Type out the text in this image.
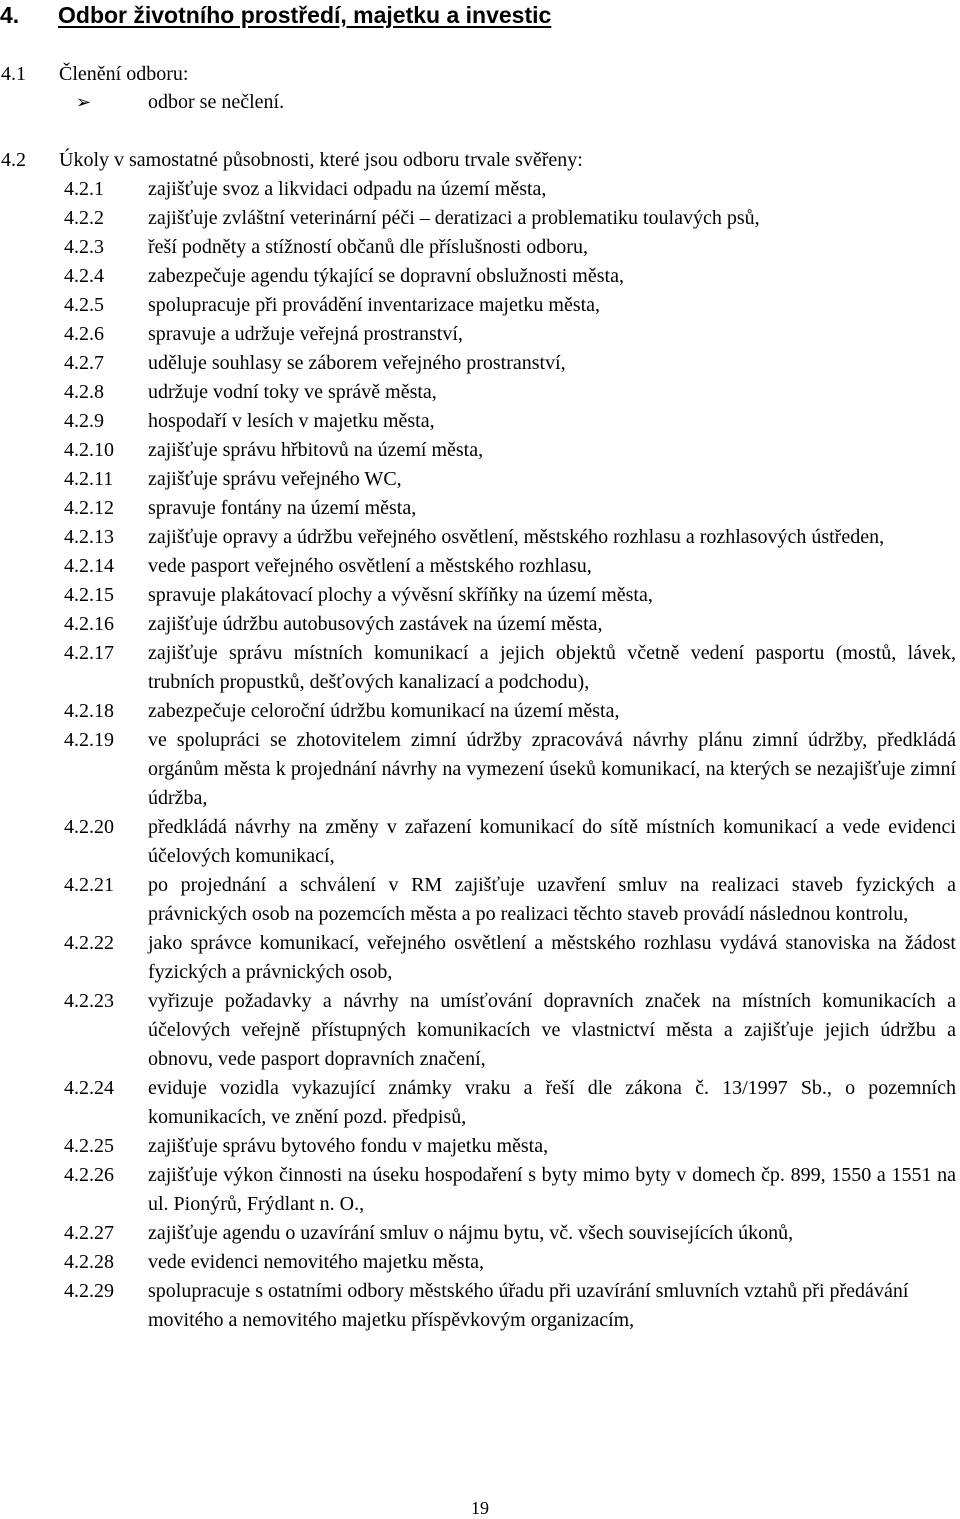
4. Odbor životního prostředí, majetku a investic
4.1 Členění odboru:
➢	odbor se nečlení.
4.2 Úkoly v samostatné působnosti, které jsou odboru trvale svěřeny:
4.2.1 zajišťuje svoz a likvidaci odpadu na území města,
4.2.2 zajišťuje zvláštní veterinární péči – deratizaci a problematiku toulavých psů,
4.2.3 řeší podněty a stížností občanů dle příslušnosti odboru,
4.2.4 zabezpečuje agendu týkající se dopravní obslužnosti města,
4.2.5 spolupracuje při provádění inventarizace majetku města,
4.2.6 spravuje a udržuje veřejná prostranství,
4.2.7 uděluje souhlasy se záborem veřejného prostranství,
4.2.8 udržuje vodní toky ve správě města,
4.2.9 hospodaří v lesích v majetku města,
4.2.10 zajišťuje správu hřbitovů na území města,
4.2.11 zajišťuje správu veřejného WC,
4.2.12 spravuje fontány na území města,
4.2.13 zajišťuje opravy a údržbu veřejného osvětlení, městského rozhlasu a rozhlasových ústředen,
4.2.14 vede pasport veřejného osvětlení a městského rozhlasu,
4.2.15 spravuje plakátovací plochy a vývěsní skříňky na území města,
4.2.16 zajišťuje údržbu autobusových zastávek na území města,
4.2.17 zajišťuje správu místních komunikací a jejich objektů včetně vedení pasportu (mostů, lávek, trubních propustků, dešťových kanalizací a podchodu),
4.2.18 zabezpečuje celoroční údržbu komunikací na území města,
4.2.19 ve spolupráci se zhotovitelem zimní údržby zpracovává návrhy plánu zimní údržby, předkládá orgánům města k projednání návrhy na vymezení úseků komunikací, na kterých se nezajišťuje zimní údržba,
4.2.20 předkládá návrhy na změny v zařazení komunikací do sítě místních komunikací a vede evidenci účelových komunikací,
4.2.21 po projednání a schválení v RM zajišťuje uzavření smluv na realizaci staveb fyzických a právnických osob na pozemcích města a po realizaci těchto staveb provádí následnou kontrolu,
4.2.22 jako správce komunikací, veřejného osvětlení a městského rozhlasu vydává stanoviska na žádost fyzických a právnických osob,
4.2.23 vyřizuje požadavky a návrhy na umísťování dopravních značek na místních komunikacích a účelových veřejně přístupných komunikacích ve vlastnictví města a zajišťuje jejich údržbu a obnovu, vede pasport dopravních značení,
4.2.24 eviduje vozidla vykazující známky vraku a řeší dle zákona č. 13/1997 Sb., o pozemních komunikacích, ve znění pozd. předpisů,
4.2.25 zajišťuje správu bytového fondu v majetku města,
4.2.26 zajišťuje výkon činnosti na úseku hospodaření s byty mimo byty v domech čp. 899, 1550 a 1551 na ul. Pionýrů, Frýdlant n. O.,
4.2.27 zajišťuje agendu o uzavírání smluv o nájmu bytu, vč. všech souvisejících úkonů,
4.2.28 vede evidenci nemovitého majetku města,
4.2.29 spolupracuje s ostatními odbory městského úřadu při uzavírání smluvních vztahů při předávání movitého a nemovitého majetku příspěvkovým organizacím,
19
